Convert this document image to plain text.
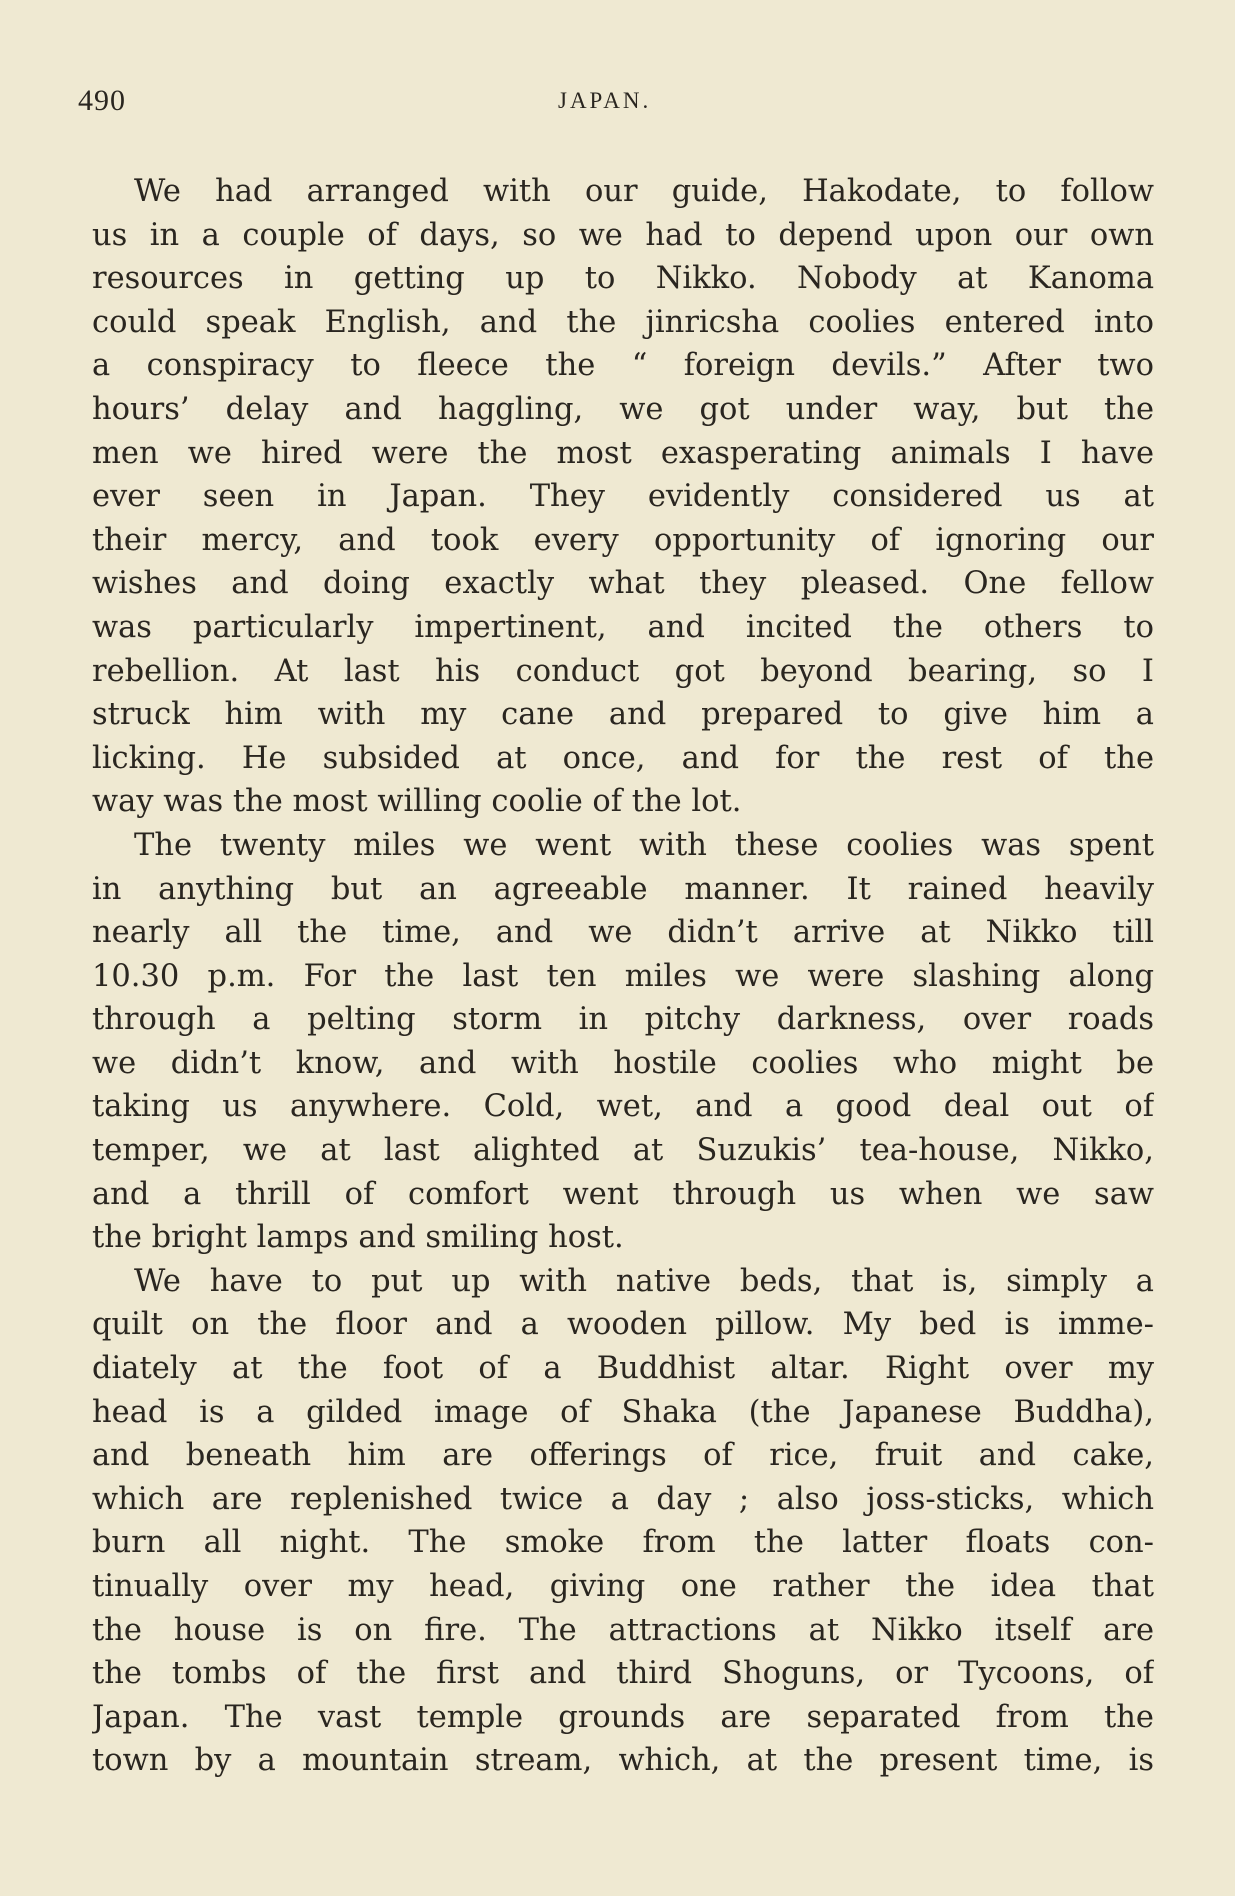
490	JAPAN.
We had arranged with our guide, Hakodate, to follow
us in a couple of days, so we had to depend upon our own
resources in getting up to Nikko. Nobody at Kanoma
could speak English, and the jinricsha coolies entered into
a conspiracy to fleece the “ foreign devils.” After two
hours’ delay and haggling, we got under way, but the
men we hired were the most exasperating animals I have
ever seen in Japan. They evidently considered us at
their mercy, and took every opportunity of ignoring our
wishes and doing exactly what they pleased. One fellow
was particularly impertinent, and incited the others to
rebellion. At last his conduct got beyond bearing, so I
struck him with my cane and prepared to give him a
licking. He subsided at once, and for the rest of the
way was the most willing coolie of the lot.
The twenty miles we went with these coolies was spent
in anything but an agreeable manner. It rained heavily
nearly all the time, and we didn’t arrive at Nikko till
10.30 p.m. For the last ten miles we were slashing along
through a pelting storm in pitchy darkness, over roads
we didn’t know, and with hostile coolies who might be
taking us anywhere. Cold, wet, and a good deal out of
temper, we at last alighted at Suzukis’ tea-house, Nikko,
and a thrill of comfort went through us when we saw
the bright lamps and smiling host.
We have to put up with native beds, that is, simply a
quilt on the floor and a wooden pillow. My bed is imme-
diately at the foot of a Buddhist altar. Right over my
head is a gilded image of Shaka (the Japanese Buddha),
and beneath him are offerings of rice, fruit and cake,
which are replenished twice a day ; also joss-sticks, which
burn all night. The smoke from the latter floats con-
tinually over my head, giving one rather the idea that
the house is on fire. The attractions at Nikko itself are
the tombs of the first and third Shoguns, or Tycoons, of
Japan. The vast temple grounds are separated from the
town by a mountain stream, which, at the present time, is
